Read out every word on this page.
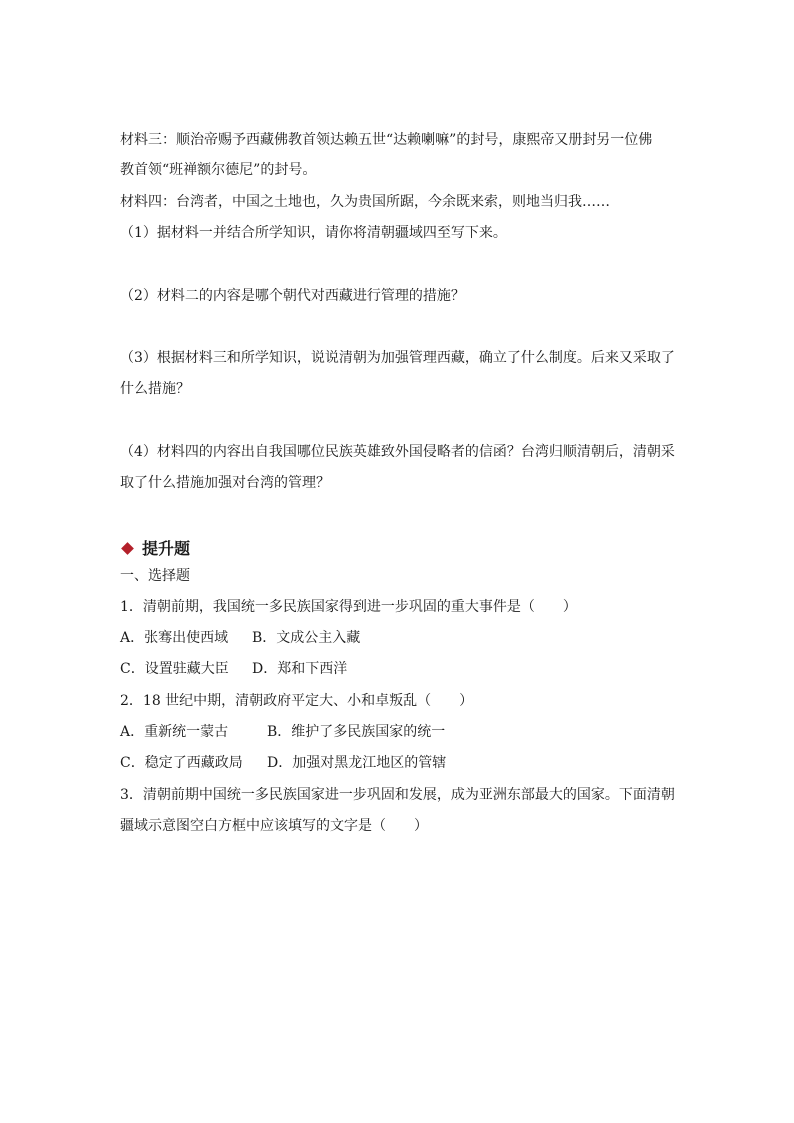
材料三：顺治帝赐予西藏佛教首领达赖五世“达赖喇嘛”的封号，康熙帝又册封另一位佛
教首领“班禅额尔德尼”的封号。
材料四：台湾者，中国之土地也，久为贵国所踞，今余既来索，则地当归我……
（1）据材料一并结合所学知识，请你将清朝疆域四至写下来。
（2）材料二的内容是哪个朝代对西藏进行管理的措施？
（3）根据材料三和所学知识，说说清朝为加强管理西藏，确立了什么制度。后来又采取了
什么措施？
（4）材料四的内容出自我国哪位民族英雄致外国侵略者的信函？台湾归顺清朝后，清朝采
取了什么措施加强对台湾的管理？
提升题
一、选择题
1．清朝前期，我国统一多民族国家得到进一步巩固的重大事件是（　　）
A．张骞出使西域 B．文成公主入藏
C．设置驻藏大臣 D．郑和下西洋
2．18 世纪中期，清朝政府平定大、小和卓叛乱（　　）
A．重新统一蒙古	B．维护了多民族国家的统一
C．稳定了西藏政局 D．加强对黑龙江地区的管辖
3．清朝前期中国统一多民族国家进一步巩固和发展，成为亚洲东部最大的国家。下面清朝
疆域示意图空白方框中应该填写的文字是（　　）
